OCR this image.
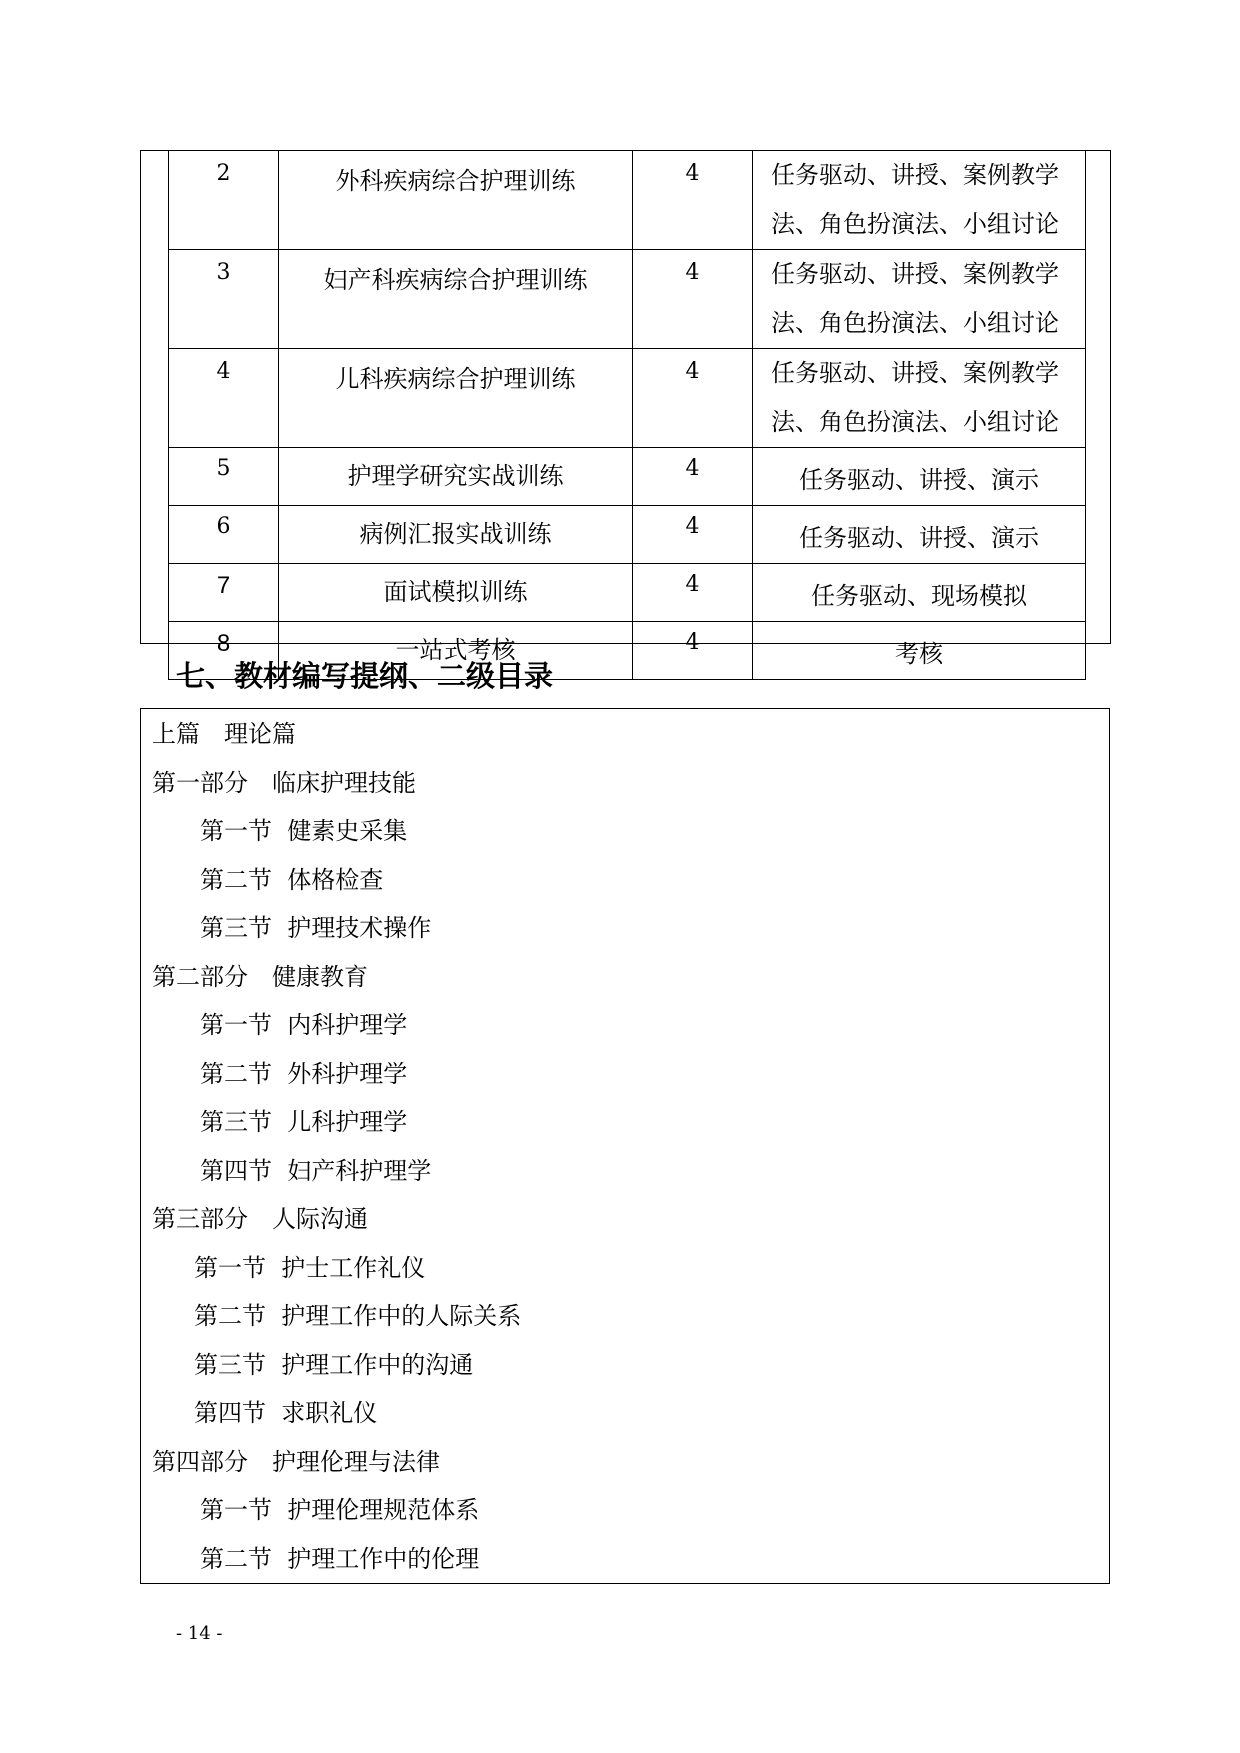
2	外科疾病综合护理训练	4	任务驱动、讲授、案例教学
法、角色扮演法、小组讨论

3	妇产科疾病综合护理训练	4	任务驱动、讲授、案例教学
法、角色扮演法、小组讨论

4	儿科疾病综合护理训练	4	任务驱动、讲授、案例教学
法、角色扮演法、小组讨论

5	护理学研究实战训练	4	任务驱动、讲授、演示

6	病例汇报实战训练	4	任务驱动、讲授、演示

7	面试模拟训练	4	任务驱动、现场模拟

8	一站式考核	4	考核
七、教材编写提纲、二级目录
上篇　理论篇
第一部分　临床护理技能
第一节  健素史采集
第二节  体格检查
第三节  护理技术操作
第二部分　健康教育
第一节  内科护理学
第二节  外科护理学
第三节  儿科护理学
第四节  妇产科护理学
第三部分　人际沟通
第一节  护士工作礼仪
第二节  护理工作中的人际关系
第三节  护理工作中的沟通
第四节  求职礼仪
第四部分　护理伦理与法律
第一节  护理伦理规范体系
第二节  护理工作中的伦理
- 14 -
